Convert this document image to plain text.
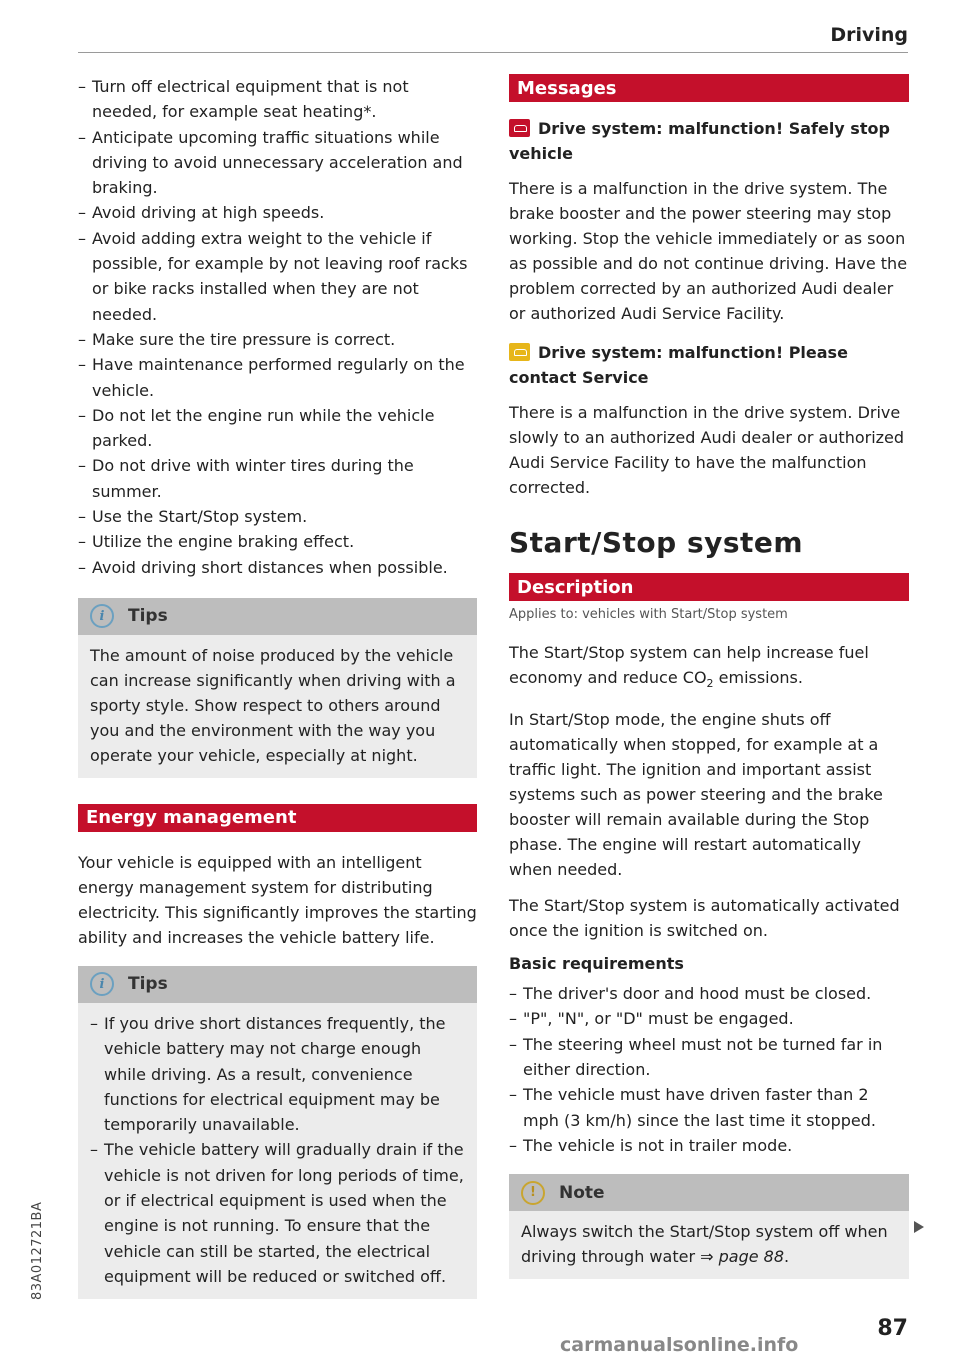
Driving
– Turn off electrical equipment that is not needed, for example seat heating*.
– Anticipate upcoming traffic situations while driving to avoid unnecessary acceleration and braking.
– Avoid driving at high speeds.
– Avoid adding extra weight to the vehicle if possible, for example by not leaving roof racks or bike racks installed when they are not needed.
– Make sure the tire pressure is correct.
– Have maintenance performed regularly on the vehicle.
– Do not let the engine run while the vehicle parked.
– Do not drive with winter tires during the summer.
– Use the Start/Stop system.
– Utilize the engine braking effect.
– Avoid driving short distances when possible.
i	Tips

The amount of noise produced by the vehicle can increase significantly when driving with a sporty style. Show respect to others around you and the environment with the way you operate your vehicle, especially at night.

Energy management

Your vehicle is equipped with an intelligent energy management system for distributing electricity. This significantly improves the starting ability and increases the vehicle battery life.

i	Tips
– If you drive short distances frequently, the vehicle battery may not charge enough while driving. As a result, convenience functions for electrical equipment may be temporarily unavailable.
– The vehicle battery will gradually drain if the vehicle is not driven for long periods of time, or if electrical equipment is used when the engine is not running. To ensure that the vehicle can still be started, the electrical equipment will be reduced or switched off.
Messages
Drive system: malfunction! Safely stop vehicle

There is a malfunction in the drive system. The brake booster and the power steering may stop working. Stop the vehicle immediately or as soon as possible and do not continue driving. Have the problem corrected by an authorized Audi dealer or authorized Audi Service Facility.

Drive system: malfunction! Please contact Service

There is a malfunction in the drive system. Drive slowly to an authorized Audi dealer or authorized Audi Service Facility to have the malfunction corrected.

Start/Stop system
Description
Applies to: vehicles with Start/Stop system

The Start/Stop system can help increase fuel economy and reduce $CO_2$ emissions.

In Start/Stop mode, the engine shuts off automatically when stopped, for example at a traffic light. The ignition and important assist systems such as power steering and the brake booster will remain available during the Stop phase. The engine will restart automatically when needed.

The Start/Stop system is automatically activated once the ignition is switched on.

Basic requirements
– The driver's door and hood must be closed.
– "P", "N", or "D" must be engaged.
– The steering wheel must not be turned far in either direction.
– The vehicle must have driven faster than 2 mph (3 km/h) since the last time it stopped.
– The vehicle is not in trailer mode.
!	Note

Always switch the Start/Stop system off when driving through water ⇒ page 88.

87
83A012721BA
carmanualsonline.info
